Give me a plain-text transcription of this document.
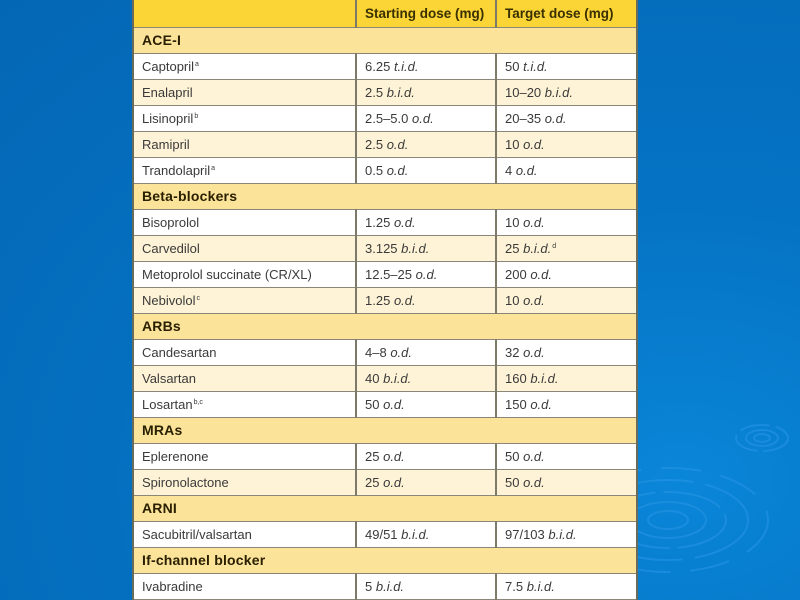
	Starting dose (mg)	Target dose (mg)
ACE-I		
Captopril$^a$	6.25 t.i.d.	50 t.i.d.
Enalapril	2.5 b.i.d.	10–20 b.i.d.
Lisinopril$^b$	2.5–5.0 o.d.	20–35 o.d.
Ramipril	2.5 o.d.	10 o.d.
Trandolapril$^a$	0.5 o.d.	4 o.d.
Beta-blockers		
Bisoprolol	1.25 o.d.	10 o.d.
Carvedilol	3.125 b.i.d.	25 b.i.d.$^d$
Metoprolol succinate (CR/XL)	12.5–25 o.d.	200 o.d.
Nebivolol$^c$	1.25 o.d.	10 o.d.
ARBs		
Candesartan	4–8 o.d.	32 o.d.
Valsartan	40 b.i.d.	160 b.i.d.
Losartan$^{b,c}$	50 o.d.	150 o.d.
MRAs		
Eplerenone	25 o.d.	50 o.d.
Spironolactone	25 o.d.	50 o.d.
ARNI		
Sacubitril/valsartan	49/51 b.i.d.	97/103 b.i.d.
If-channel blocker		
Ivabradine	5 b.i.d.	7.5 b.i.d.
